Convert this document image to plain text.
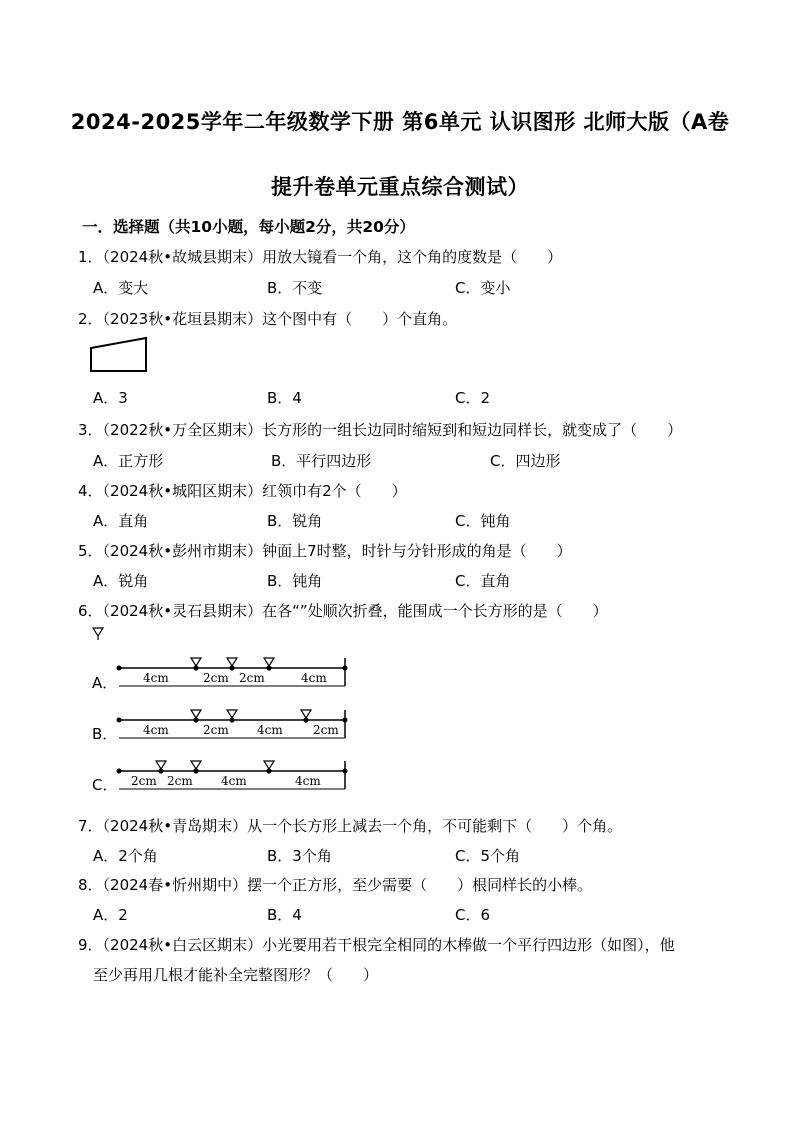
2024-2025学年二年级数学下册 第6单元 认识图形 北师大版（A卷
提升卷单元重点综合测试）
一．选择题（共10小题，每小题2分，共20分）
1．（2024秋•故城县期末）用放大镜看一个角，这个角的度数是（　　）
A．变大	B．不变	C．变小
2．（2023秋•花垣县期末）这个图中有（　　）个直角。
A．3	B．4	C．2
3．（2022秋•万全区期末）长方形的一组长边同时缩短到和短边同样长，就变成了（　　）
A．正方形	B．平行四边形	C．四边形
4．（2024秋•城阳区期末）红领巾有2个（　　）
A．直角	B．锐角	C．钝角
5．（2024秋•彭州市期末）钟面上7时整，时针与分针形成的角是（　　）
A．锐角	B．钝角	C．直角
6．（2024秋•灵石县期末）在各“”处顺次折叠，能围成一个长方形的是（　　）
A． 4cm	2cm 2cm	4cm
B． 4cm	2cm 4cm	2cm
C． 2cm 2cm 4cm	4cm
7．（2024秋•青岛期末）从一个长方形上减去一个角，不可能剩下（　　）个角。
A．2个角	B．3个角	C．5个角
8．（2024春•忻州期中）摆一个正方形，至少需要（　　）根同样长的小棒。
A．2	B．4	C．6
9．（2024秋•白云区期末）小光要用若干根完全相同的木棒做一个平行四边形（如图），他
至少再用几根才能补全完整图形？（　　）
